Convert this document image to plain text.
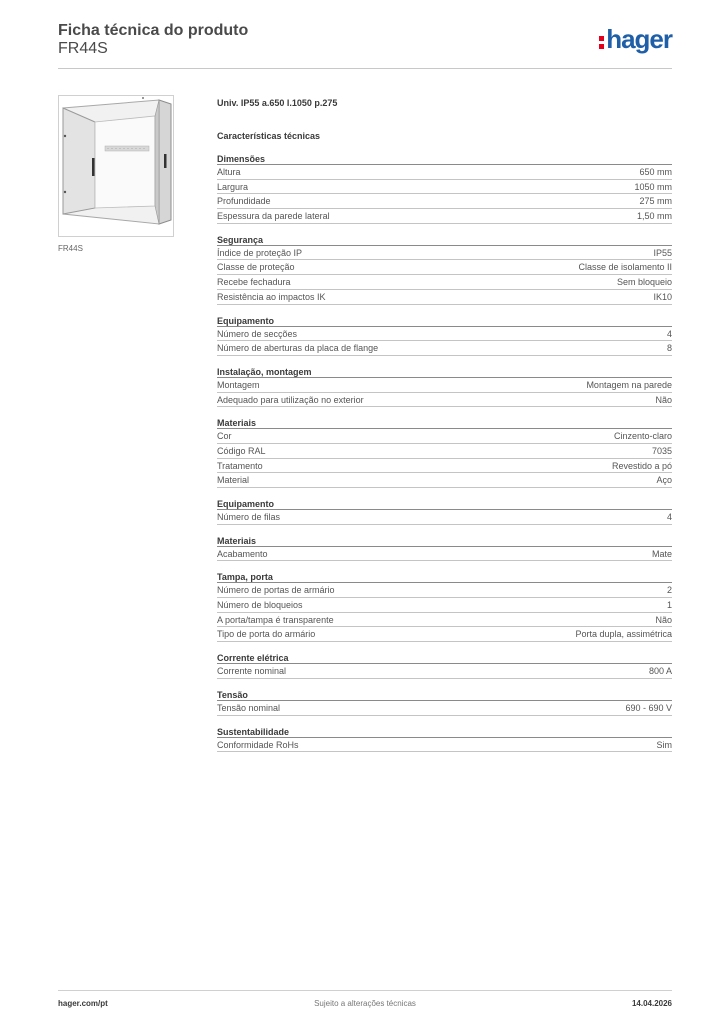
Ficha técnica do produto
FR44S	hager
FR44S
Univ. IP55 a.650 l.1050 p.275
Características técnicas
Dimensões
Altura	650 mm
Largura	1050 mm
Profundidade	275 mm
Espessura da parede lateral	1,50 mm
Segurança
Índice de proteção IP	IP55
Classe de proteção	Classe de isolamento II
Recebe fechadura	Sem bloqueio
Resistência ao impactos IK	IK10
Equipamento
Número de secções	4
Número de aberturas da placa de flange	8
Instalação, montagem
Montagem	Montagem na parede
Adequado para utilização no exterior	Não
Materiais
Cor	Cinzento-claro
Código RAL	7035
Tratamento	Revestido a pó
Material	Aço
Equipamento
Número de filas	4
Materiais
Acabamento	Mate
Tampa, porta
Número de portas de armário	2
Número de bloqueios	1
A porta/tampa é transparente	Não
Tipo de porta do armário	Porta dupla, assimétrica
Corrente elétrica
Corrente nominal	800 A
Tensão
Tensão nominal	690 - 690 V
Sustentabilidade
Conformidade RoHs	Sim
hager.com/pt	Sujeito a alterações técnicas	14.04.2026
